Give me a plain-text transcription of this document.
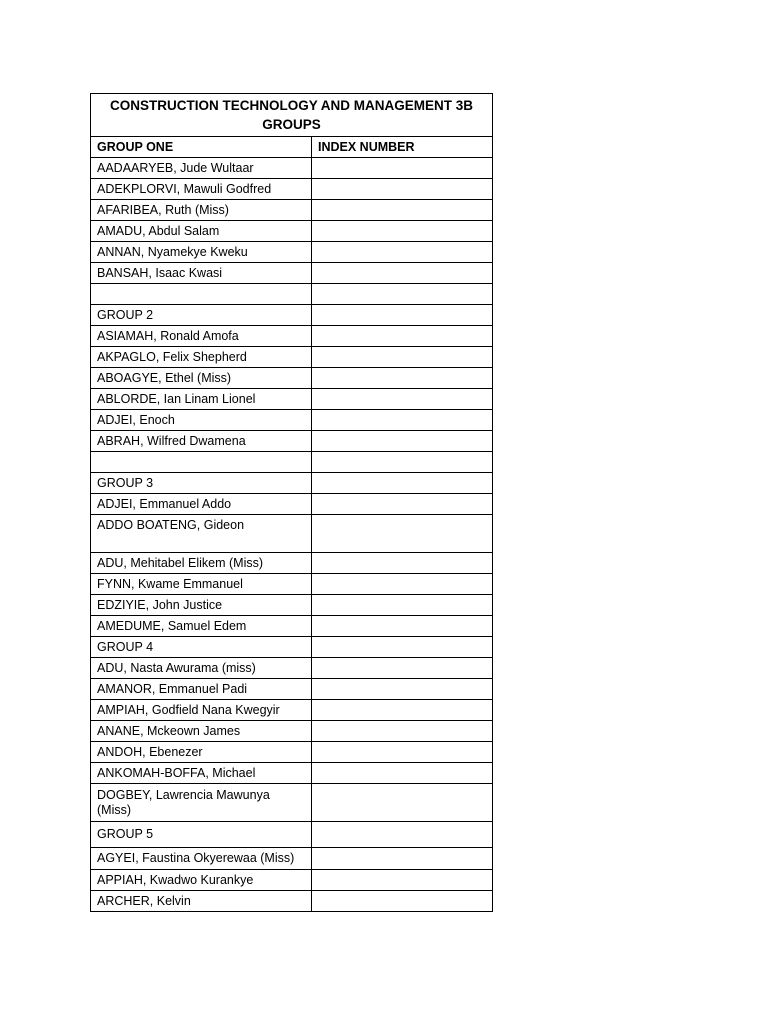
CONSTRUCTION TECHNOLOGY AND MANAGEMENT 3B
GROUPS	
GROUP ONE	INDEX NUMBER
AADAARYEB, Jude Wultaar	
ADEKPLORVI, Mawuli Godfred	
AFARIBEA, Ruth (Miss)	
AMADU, Abdul Salam	
ANNAN, Nyamekye Kweku	
BANSAH, Isaac Kwasi	

GROUP 2	
ASIAMAH, Ronald Amofa	
AKPAGLO, Felix Shepherd	
ABOAGYE, Ethel (Miss)	
ABLORDE, Ian Linam Lionel	
ADJEI, Enoch	
ABRAH, Wilfred Dwamena	

GROUP 3	
ADJEI, Emmanuel Addo	
ADDO BOATENG, Gideon	
ADU, Mehitabel Elikem (Miss)	
FYNN, Kwame Emmanuel	
EDZIYIE, John Justice	
AMEDUME, Samuel Edem	
GROUP 4	
ADU, Nasta Awurama (miss)	
AMANOR, Emmanuel Padi	
AMPIAH, Godfield Nana Kwegyir	
ANANE, Mckeown James	
ANDOH, Ebenezer	
ANKOMAH-BOFFA, Michael	
DOGBEY, Lawrencia Mawunya (Miss)	
GROUP 5	
AGYEI, Faustina Okyerewaa (Miss)	
APPIAH, Kwadwo Kurankye	
ARCHER, Kelvin	
